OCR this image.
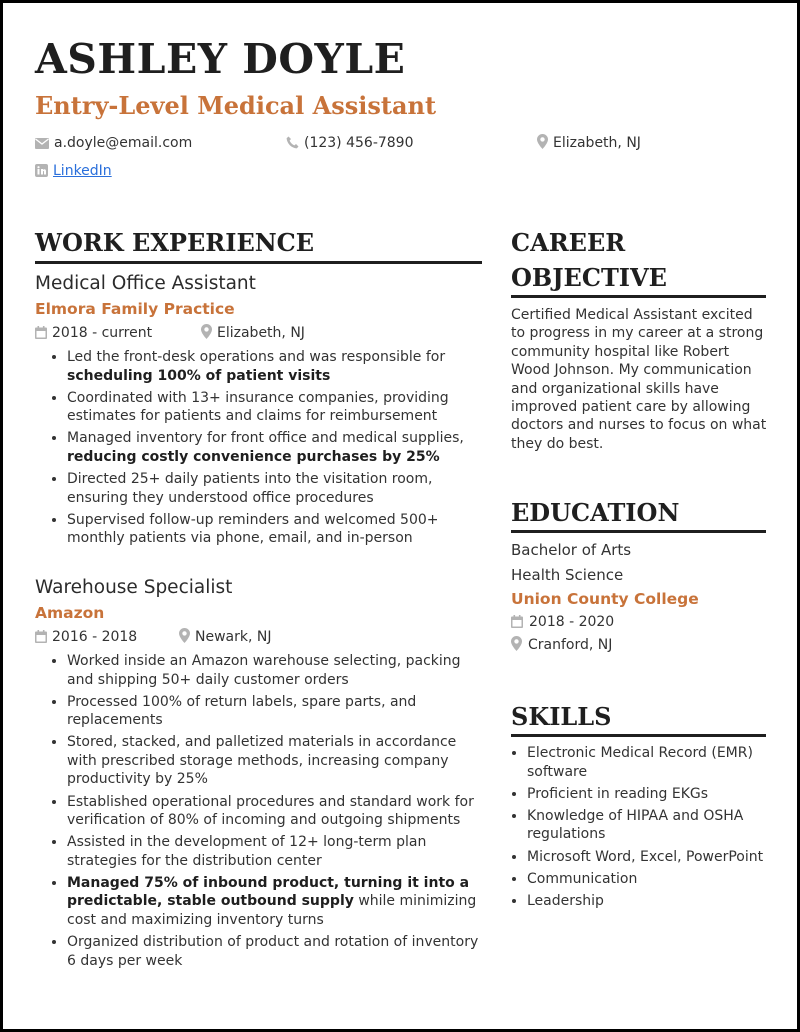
ASHLEY DOYLE
Entry-Level Medical Assistant
a.doyle@email.com	(123) 456-7890	Elizabeth, NJ
LinkedIn
WORK EXPERIENCE

Medical Office Assistant

Elmora Family Practice
2018 - current	Elizabeth, NJ
• Led the front-desk operations and was responsible for scheduling 100% of patient visits
• Coordinated with 13+ insurance companies, providing estimates for patients and claims for reimbursement
• Managed inventory for front office and medical supplies, reducing costly convenience purchases by 25%
• Directed 25+ daily patients into the visitation room, ensuring they understood office procedures
• Supervised follow-up reminders and welcomed 500+ monthly patients via phone, email, and in-person

Warehouse Specialist

Amazon
2016 - 2018	Newark, NJ
• Worked inside an Amazon warehouse selecting, packing and shipping 50+ daily customer orders
• Processed 100% of return labels, spare parts, and replacements
• Stored, stacked, and palletized materials in accordance with prescribed storage methods, increasing company productivity by 25%
• Established operational procedures and standard work for verification of 80% of incoming and outgoing shipments
• Assisted in the development of 12+ long-term plan strategies for the distribution center
• Managed 75% of inbound product, turning it into a predictable, stable outbound supply while minimizing cost and maximizing inventory turns
• Organized distribution of product and rotation of inventory 6 days per week
CAREER
OBJECTIVE

Certified Medical Assistant excited to progress in my career at a strong community hospital like Robert Wood Johnson. My communication and organizational skills have improved patient care by allowing doctors and nurses to focus on what they do best.

EDUCATION
Bachelor of Arts
Health Science
Union County College
2018 - 2020
Cranford, NJ
SKILLS
• Electronic Medical Record (EMR) software
• Proficient in reading EKGs
• Knowledge of HIPAA and OSHA regulations
• Microsoft Word, Excel, PowerPoint
• Communication
• Leadership
